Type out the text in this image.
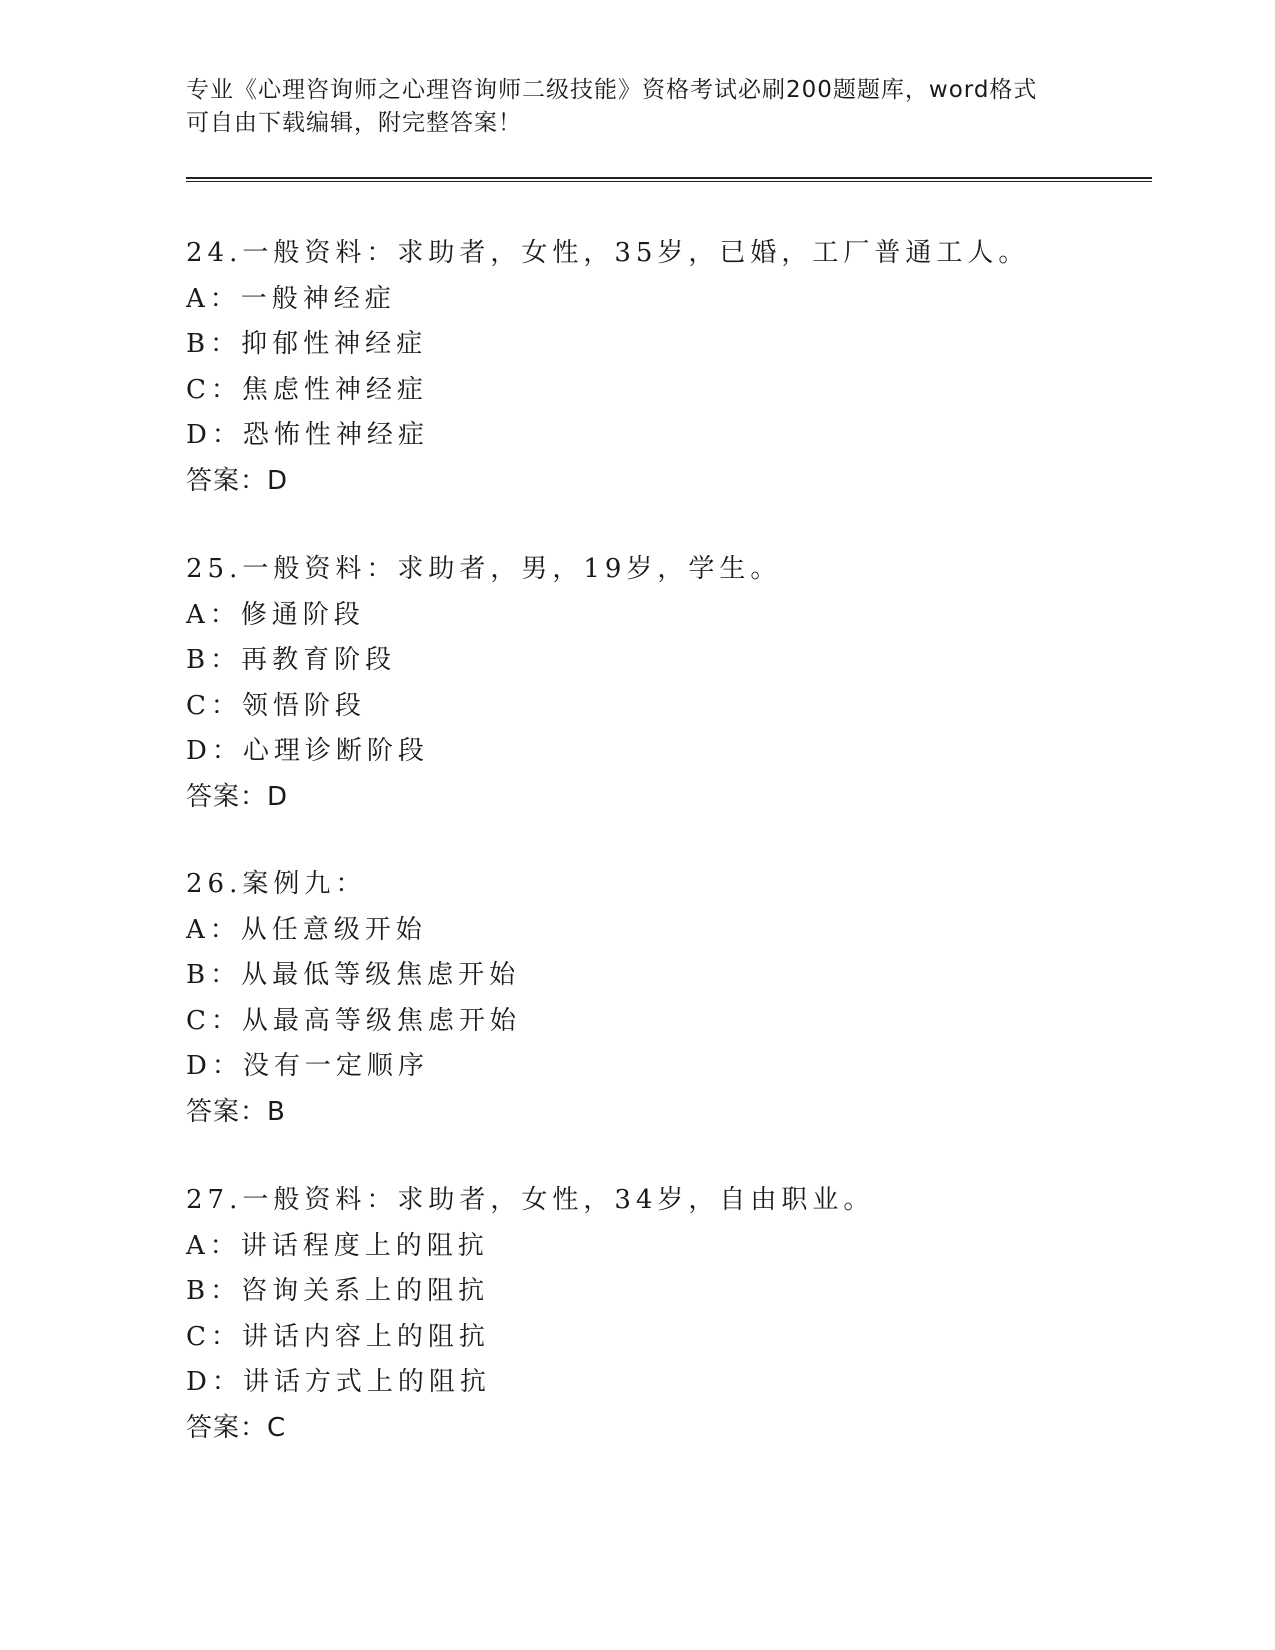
专业《心理咨询师之心理咨询师二级技能》资格考试必刷200题题库，word格式
可自由下载编辑，附完整答案！
24.一般资料：求助者，女性，35岁，已婚，工厂普通工人。
A：一般神经症
B：抑郁性神经症
C：焦虑性神经症
D：恐怖性神经症
答案：D
25.一般资料：求助者，男，19岁，学生。
A：修通阶段
B：再教育阶段
C：领悟阶段
D：心理诊断阶段
答案：D
26.案例九：
A：从任意级开始
B：从最低等级焦虑开始
C：从最高等级焦虑开始
D：没有一定顺序
答案：B
27.一般资料：求助者，女性，34岁，自由职业。
A：讲话程度上的阻抗
B：咨询关系上的阻抗
C：讲话内容上的阻抗
D：讲话方式上的阻抗
答案：C
